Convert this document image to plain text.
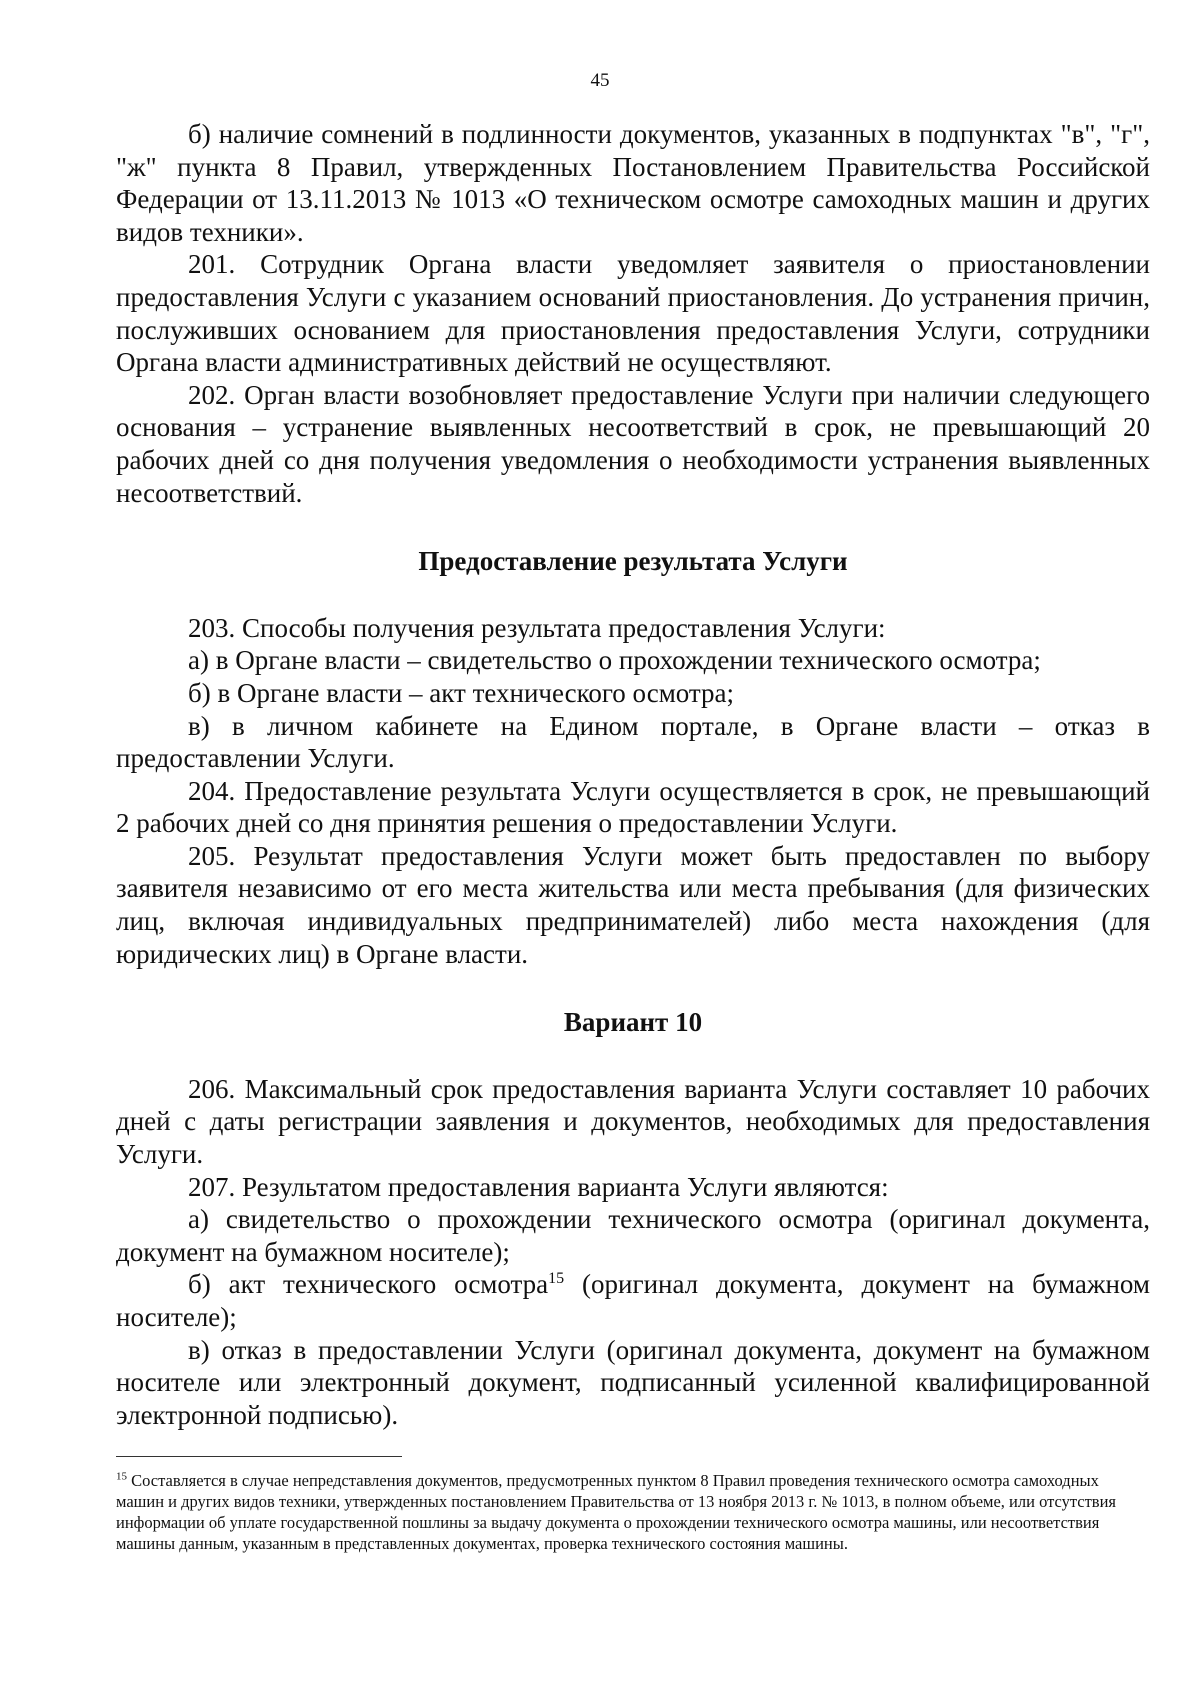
45

б) наличие сомнений в подлинности документов, указанных в подпунктах "в", "г", "ж" пункта 8 Правил, утвержденных Постановлением Правительства Российской Федерации от 13.11.2013 № 1013 «О техническом осмотре самоходных машин и других видов техники».

201. Сотрудник Органа власти уведомляет заявителя о приостановлении предоставления Услуги с указанием оснований приостановления. До устранения причин, послуживших основанием для приостановления предоставления Услуги, сотрудники Органа власти административных действий не осуществляют.

202. Орган власти возобновляет предоставление Услуги при наличии следующего основания – устранение выявленных несоответствий в срок, не превышающий 20 рабочих дней со дня получения уведомления о необходимости устранения выявленных несоответствий.

Предоставление результата Услуги

203. Способы получения результата предоставления Услуги:

а) в Органе власти – свидетельство о прохождении технического осмотра;

б) в Органе власти – акт технического осмотра;

в) в личном кабинете на Едином портале, в Органе власти – отказ в предоставлении Услуги.

204. Предоставление результата Услуги осуществляется в срок, не превышающий 2 рабочих дней со дня принятия решения о предоставлении Услуги.

205. Результат предоставления Услуги может быть предоставлен по выбору заявителя независимо от его места жительства или места пребывания (для физических лиц, включая индивидуальных предпринимателей) либо места нахождения (для юридических лиц) в Органе власти.

Вариант 10

206. Максимальный срок предоставления варианта Услуги составляет 10 рабочих дней с даты регистрации заявления и документов, необходимых для предоставления Услуги.

207. Результатом предоставления варианта Услуги являются:

а) свидетельство о прохождении технического осмотра (оригинал документа, документ на бумажном носителе);

б) акт технического осмотра$^{15}$ (оригинал документа, документ на бумажном носителе);

в) отказ в предоставлении Услуги (оригинал документа, документ на бумажном носителе или электронный документ, подписанный усиленной квалифицированной электронной подписью).

$^{15}$ Составляется в случае непредставления документов, предусмотренных пунктом 8 Правил проведения технического осмотра самоходных машин и других видов техники, утвержденных постановлением Правительства от 13 ноября 2013 г. № 1013, в полном объеме, или отсутствия информации об уплате государственной пошлины за выдачу документа о прохождении технического осмотра машины, или несоответствия машины данным, указанным в представленных документах, проверка технического состояния машины.
